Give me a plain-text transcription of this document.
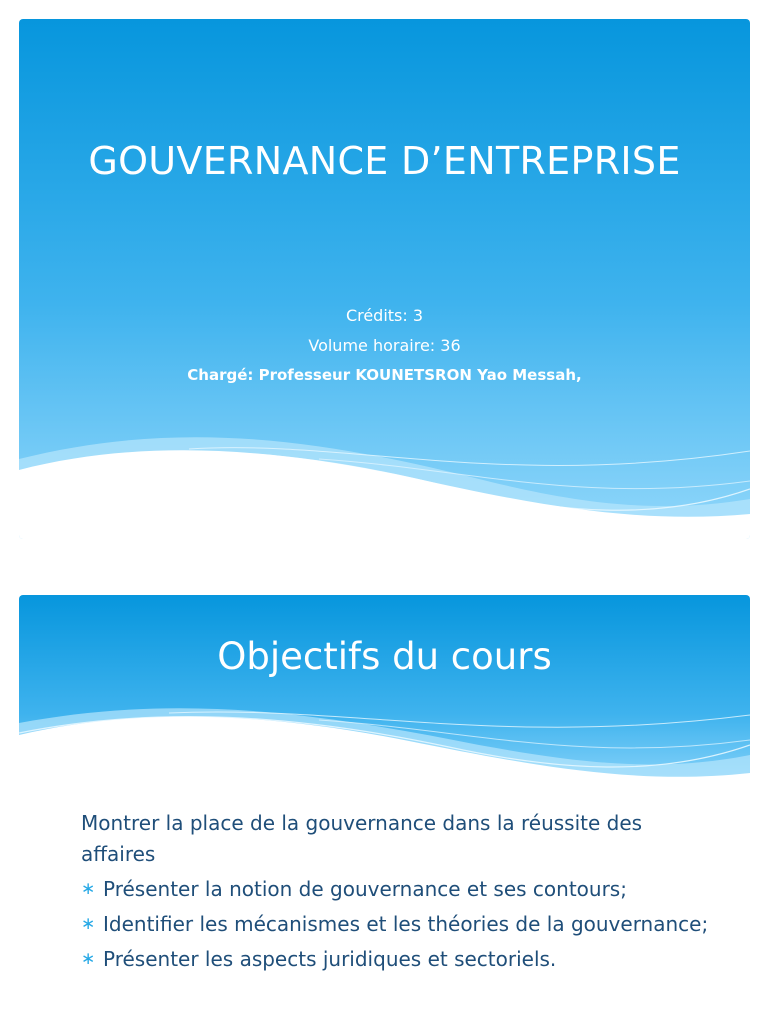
GOUVERNANCE D’ENTREPRISE
Crédits: 3
Volume horaire: 36
Chargé: Professeur KOUNETSRON Yao Messah,
Objectifs du cours

Montrer la place de la gouvernance dans la réussite des affaires

∗ Présenter la notion de gouvernance et ses contours;
∗ Identifier les mécanismes et les théories de la gouvernance;
∗ Présenter les aspects juridiques et sectoriels.
